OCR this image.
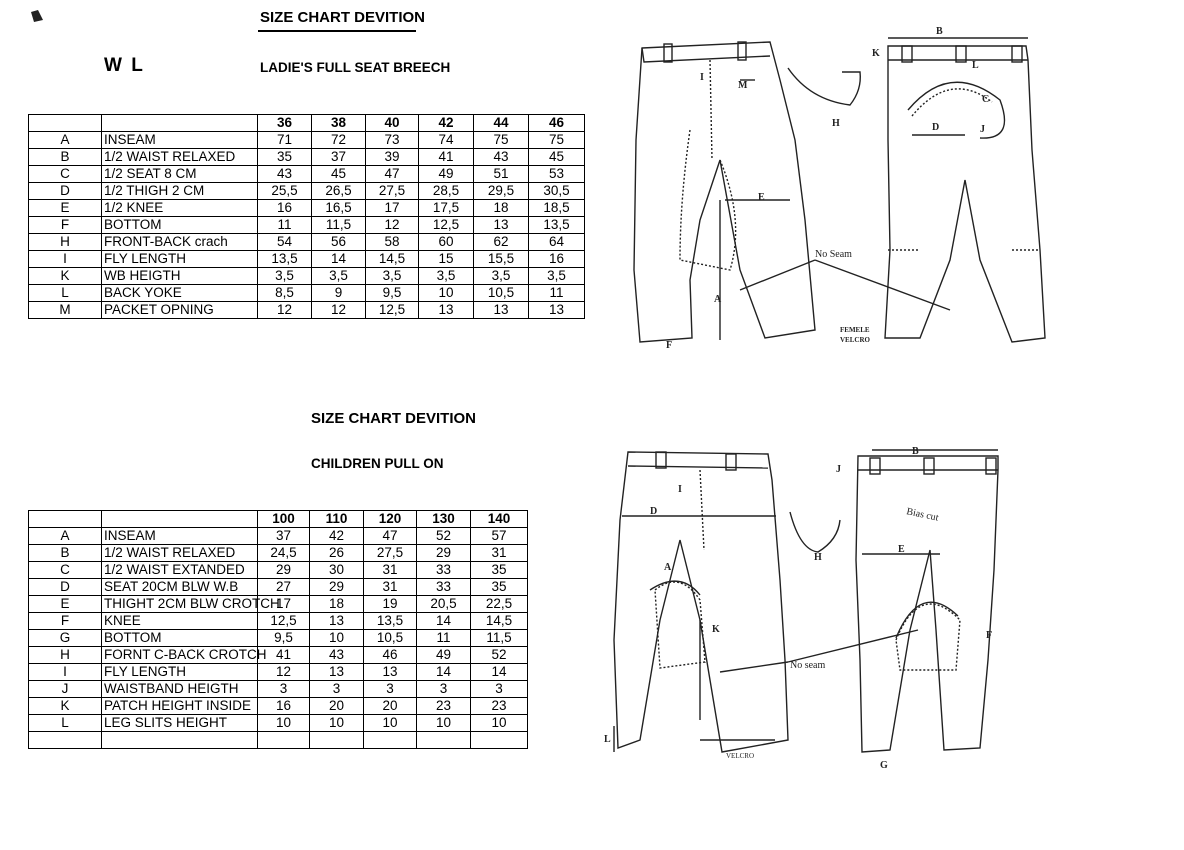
SIZE CHART DEVITION
W L	LADIE'S FULL SEAT BREECH
		36	38	40	42	44	46
A	INSEAM	71	72	73	74	75	75
B	1/2 WAIST RELAXED	35	37	39	41	43	45
C	1/2 SEAT 8 CM	43	45	47	49	51	53
D	1/2 THIGH 2 CM	25,5	26,5	27,5	28,5	29,5	30,5
E	1/2 KNEE	16	16,5	17	17,5	18	18,5
F	BOTTOM	11	11,5	12	12,5	13	13,5
H	FRONT-BACK crach	54	56	58	60	62	64
I	FLY LENGTH	13,5	14	14,5	15	15,5	16
K	WB HEIGTH	3,5	3,5	3,5	3,5	3,5	3,5
L	BACK YOKE	8,5	9	9,5	10	10,5	11
M	PACKET OPNING	12	12	12,5	13	13	13
SIZE CHART DEVITION
CHILDREN PULL ON
		100	110	120	130	140
A	INSEAM	37	42	47	52	57
B	1/2 WAIST RELAXED	24,5	26	27,5	29	31
C	1/2 WAIST EXTANDED	29	30	31	33	35
D	SEAT 20CM BLW W.B	27	29	31	33	35
E	THIGHT 2CM BLW CROTCH	17	18	19	20,5	22,5
F	KNEE	12,5	13	13,5	14	14,5
G	BOTTOM	9,5	10	10,5	11	11,5
H	FORNT C-BACK CROTCH	41	43	46	49	52
I	FLY LENGTH	12	13	13	14	14
J	WAISTBAND HEIGTH	3	3	3	3	3
K	PATCH HEIGHT INSIDE	16	20	20	23	23
L	LEG SLITS HEIGHT	10	10	10	10	10

B
K
L
C
D	J
H
I
M
E
A
F
No Seam
FEMELE
VELCRO
B
J
D
I
A
K
H
E
F
L
G
Bias cut
No seam
VELCRO
